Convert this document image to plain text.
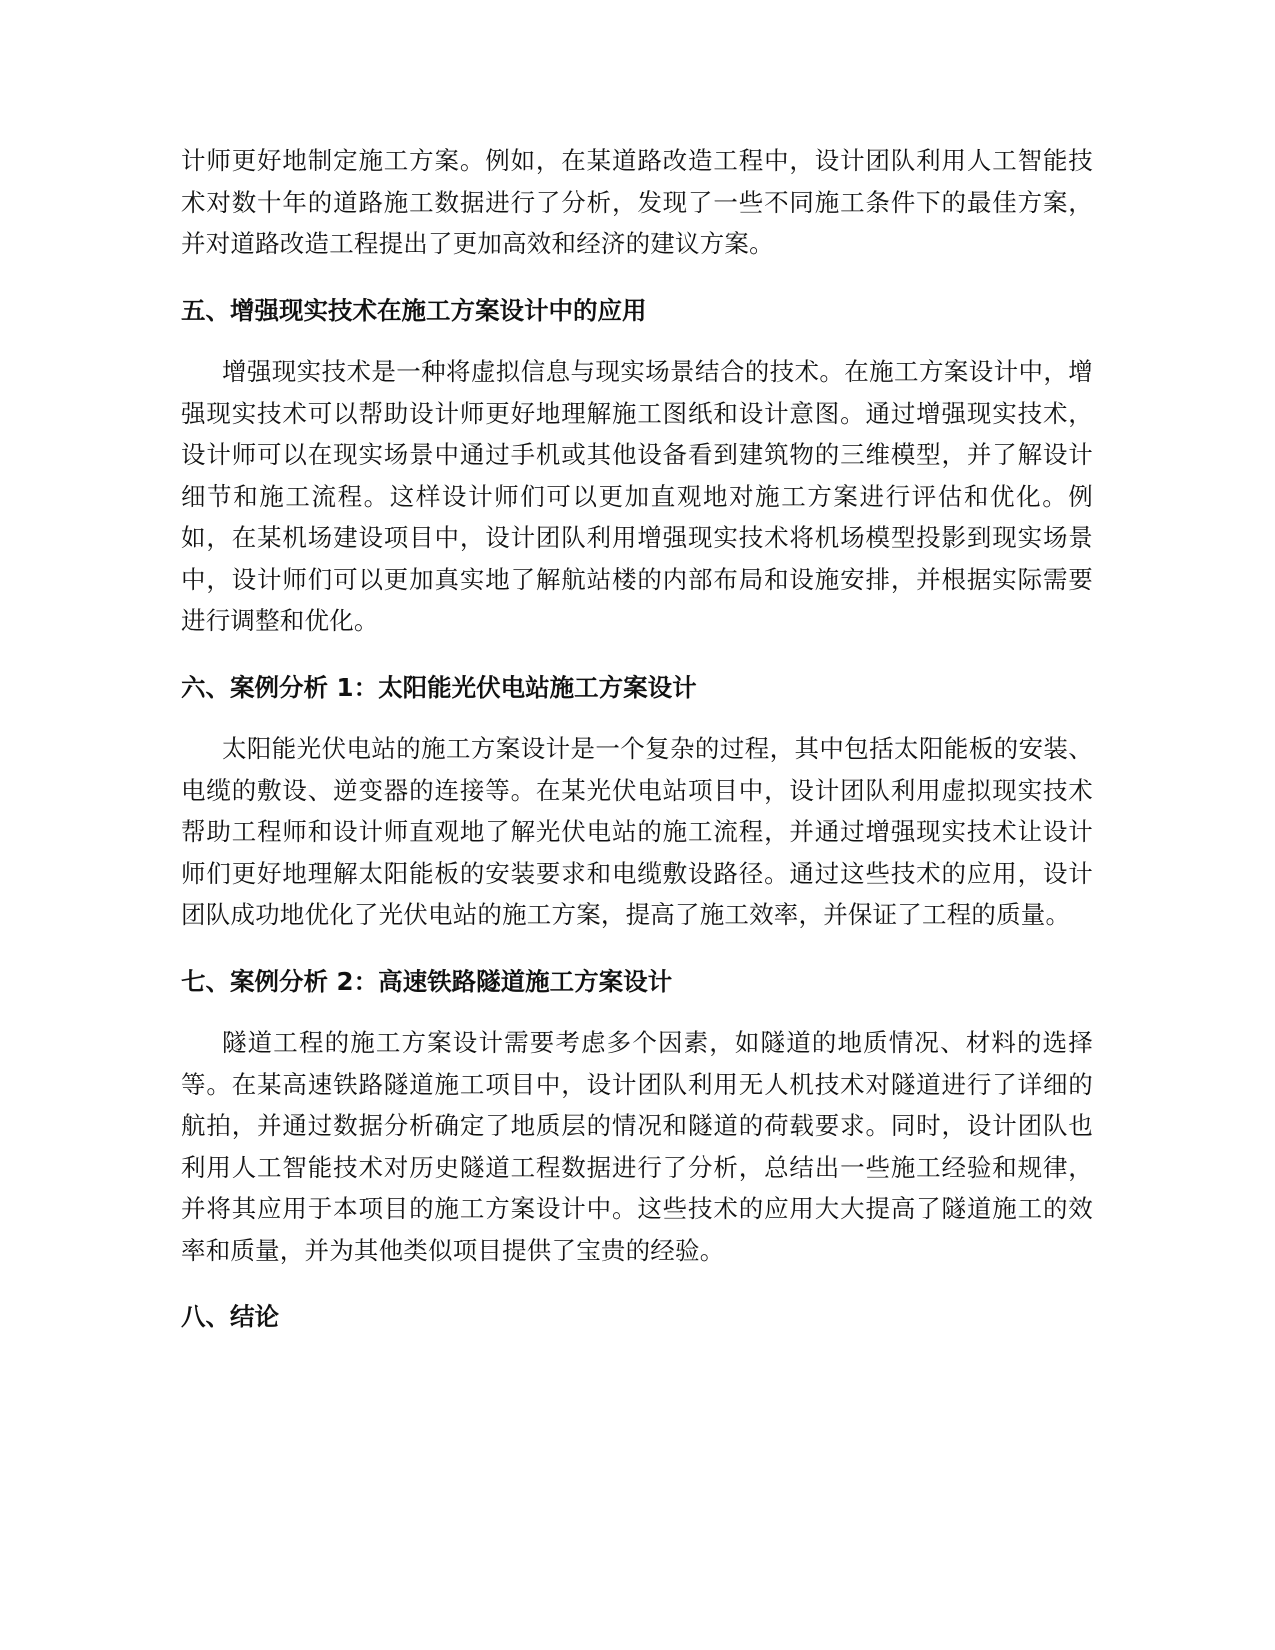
计师更好地制定施工方案。例如，在某道路改造工程中，设计团队利用人工智能技术对数十年的道路施工数据进行了分析，发现了一些不同施工条件下的最佳方案，并对道路改造工程提出了更加高效和经济的建议方案。

五、增强现实技术在施工方案设计中的应用

增强现实技术是一种将虚拟信息与现实场景结合的技术。在施工方案设计中，增强现实技术可以帮助设计师更好地理解施工图纸和设计意图。通过增强现实技术，设计师可以在现实场景中通过手机或其他设备看到建筑物的三维模型，并了解设计细节和施工流程。这样设计师们可以更加直观地对施工方案进行评估和优化。例如，在某机场建设项目中，设计团队利用增强现实技术将机场模型投影到现实场景中，设计师们可以更加真实地了解航站楼的内部布局和设施安排，并根据实际需要进行调整和优化。

六、案例分析 1：太阳能光伏电站施工方案设计

太阳能光伏电站的施工方案设计是一个复杂的过程，其中包括太阳能板的安装、电缆的敷设、逆变器的连接等。在某光伏电站项目中，设计团队利用虚拟现实技术帮助工程师和设计师直观地了解光伏电站的施工流程，并通过增强现实技术让设计师们更好地理解太阳能板的安装要求和电缆敷设路径。通过这些技术的应用，设计团队成功地优化了光伏电站的施工方案，提高了施工效率，并保证了工程的质量。

七、案例分析 2：高速铁路隧道施工方案设计

隧道工程的施工方案设计需要考虑多个因素，如隧道的地质情况、材料的选择等。在某高速铁路隧道施工项目中，设计团队利用无人机技术对隧道进行了详细的航拍，并通过数据分析确定了地质层的情况和隧道的荷载要求。同时，设计团队也利用人工智能技术对历史隧道工程数据进行了分析，总结出一些施工经验和规律，并将其应用于本项目的施工方案设计中。这些技术的应用大大提高了隧道施工的效率和质量，并为其他类似项目提供了宝贵的经验。

八、结论
